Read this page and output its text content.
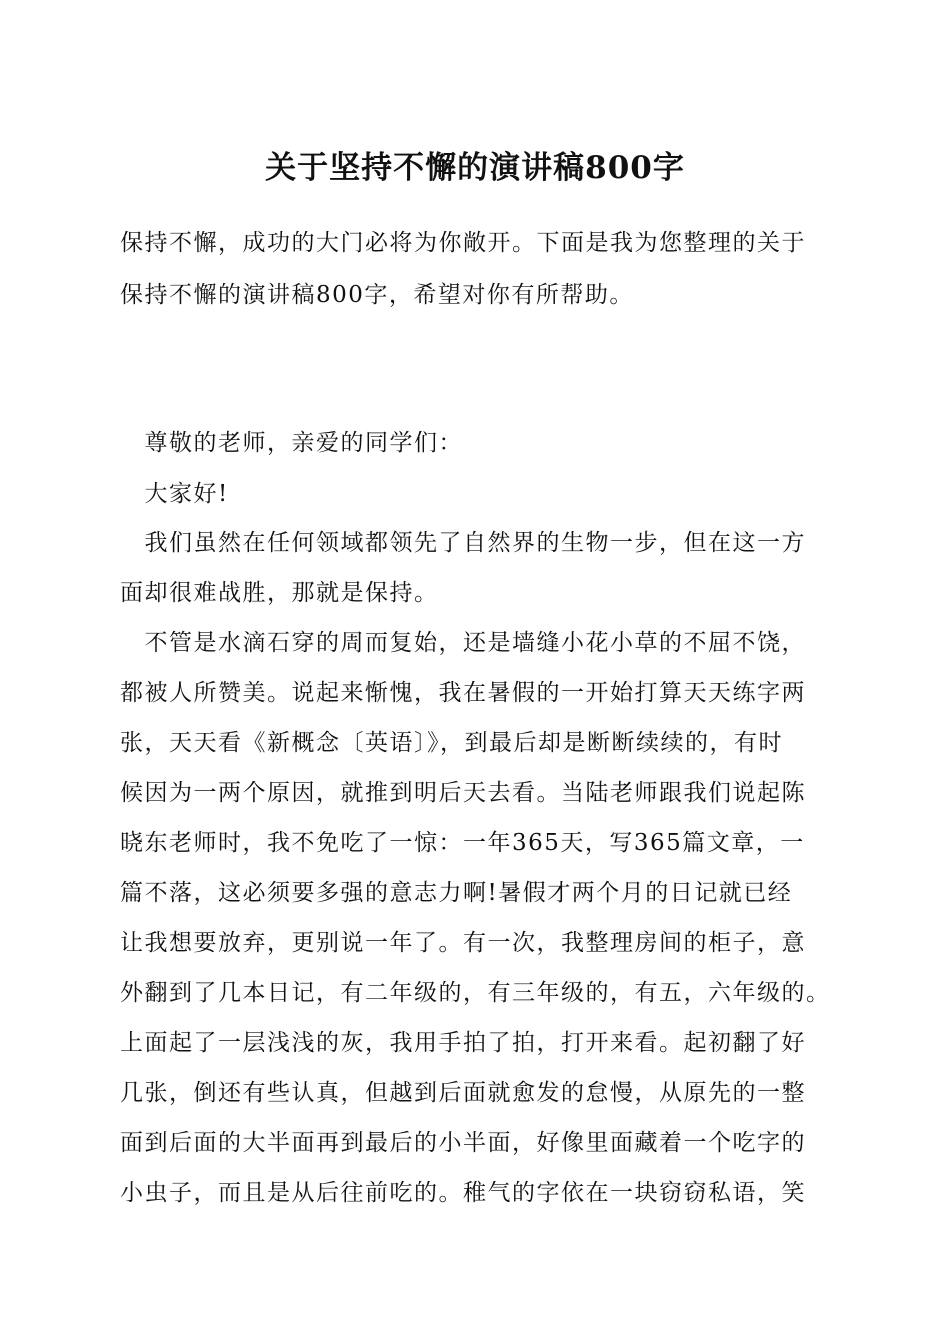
关于坚持不懈的演讲稿800字
保持不懈，成功的大门必将为你敞开。下面是我为您整理的关于
保持不懈的演讲稿800字，希望对你有所帮助。
　尊敬的老师，亲爱的同学们：
　大家好!
　我们虽然在任何领域都领先了自然界的生物一步，但在这一方
面却很难战胜，那就是保持。
　不管是水滴石穿的周而复始，还是墙缝小花小草的不屈不饶，
都被人所赞美。说起来惭愧，我在暑假的一开始打算天天练字两
张，天天看《新概念〔英语〕》，到最后却是断断续续的，有时
候因为一两个原因，就推到明后天去看。当陆老师跟我们说起陈
晓东老师时，我不免吃了一惊：一年365天，写365篇文章，一
篇不落，这必须要多强的意志力啊!暑假才两个月的日记就已经
让我想要放弃，更别说一年了。有一次，我整理房间的柜子，意
外翻到了几本日记，有二年级的，有三年级的，有五，六年级的。
上面起了一层浅浅的灰，我用手拍了拍，打开来看。起初翻了好
几张，倒还有些认真，但越到后面就愈发的怠慢，从原先的一整
面到后面的大半面再到最后的小半面，好像里面藏着一个吃字的
小虫子，而且是从后往前吃的。稚气的字依在一块窃窃私语，笑
